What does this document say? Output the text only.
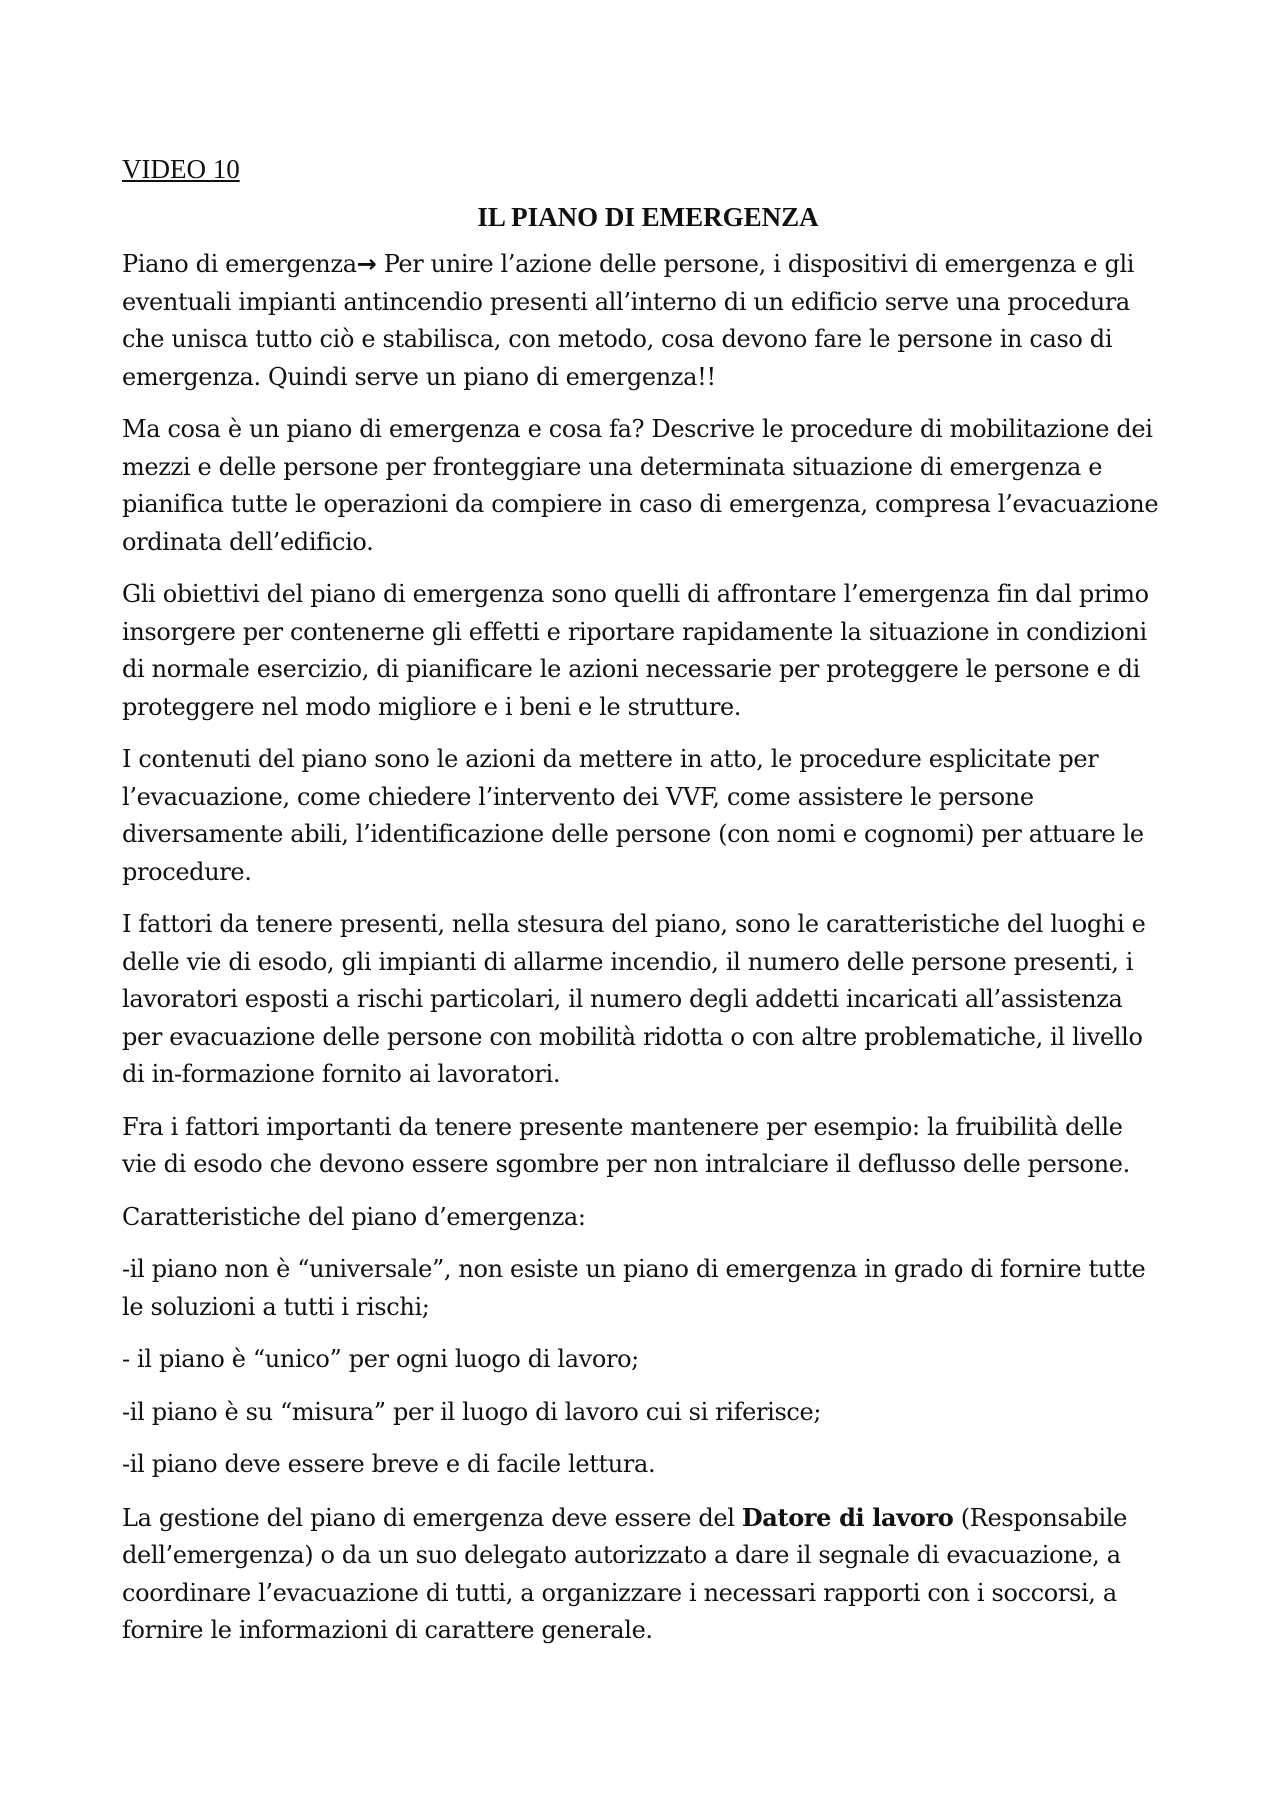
VIDEO 10

IL PIANO DI EMERGENZA

Piano di emergenza→ Per unire l’azione delle persone, i dispositivi di emergenza e gli eventuali impianti antincendio presenti all’interno di un edificio serve una procedura che unisca tutto ciò e stabilisca, con metodo, cosa devono fare le persone in caso di emergenza. Quindi serve un piano di emergenza!!

Ma cosa è un piano di emergenza e cosa fa? Descrive le procedure di mobilitazione dei mezzi e delle persone per fronteggiare una determinata situazione di emergenza e pianifica tutte le operazioni da compiere in caso di emergenza, compresa l’evacuazione ordinata dell’edificio.

Gli obiettivi del piano di emergenza sono quelli di affrontare l’emergenza fin dal primo insorgere per contenerne gli effetti e riportare rapidamente la situazione in condizioni di normale esercizio, di pianificare le azioni necessarie per proteggere le persone e di proteggere nel modo migliore e i beni e le strutture.

I contenuti del piano sono le azioni da mettere in atto, le procedure esplicitate per l’evacuazione, come chiedere l’intervento dei VVF, come assistere le persone diversamente abili, l’identificazione delle persone (con nomi e cognomi) per attuare le procedure.

I fattori da tenere presenti, nella stesura del piano, sono le caratteristiche del luoghi e delle vie di esodo, gli impianti di allarme incendio, il numero delle persone presenti, i lavoratori esposti a rischi particolari, il numero degli addetti incaricati all’assistenza per evacuazione delle persone con mobilità ridotta o con altre problematiche, il livello di in-formazione fornito ai lavoratori.

Fra i fattori importanti da tenere presente mantenere per esempio: la fruibilità delle vie di esodo che devono essere sgombre per non intralciare il deflusso delle persone.

Caratteristiche del piano d’emergenza:

-il piano non è “universale”, non esiste un piano di emergenza in grado di fornire tutte le soluzioni a tutti i rischi;

- il piano è “unico” per ogni luogo di lavoro;

-il piano è su “misura” per il luogo di lavoro cui si riferisce;

-il piano deve essere breve e di facile lettura.

La gestione del piano di emergenza deve essere del Datore di lavoro (Responsabile dell’emergenza) o da un suo delegato autorizzato a dare il segnale di evacuazione, a coordinare l’evacuazione di tutti, a organizzare i necessari rapporti con i soccorsi, a fornire le informazioni di carattere generale.
